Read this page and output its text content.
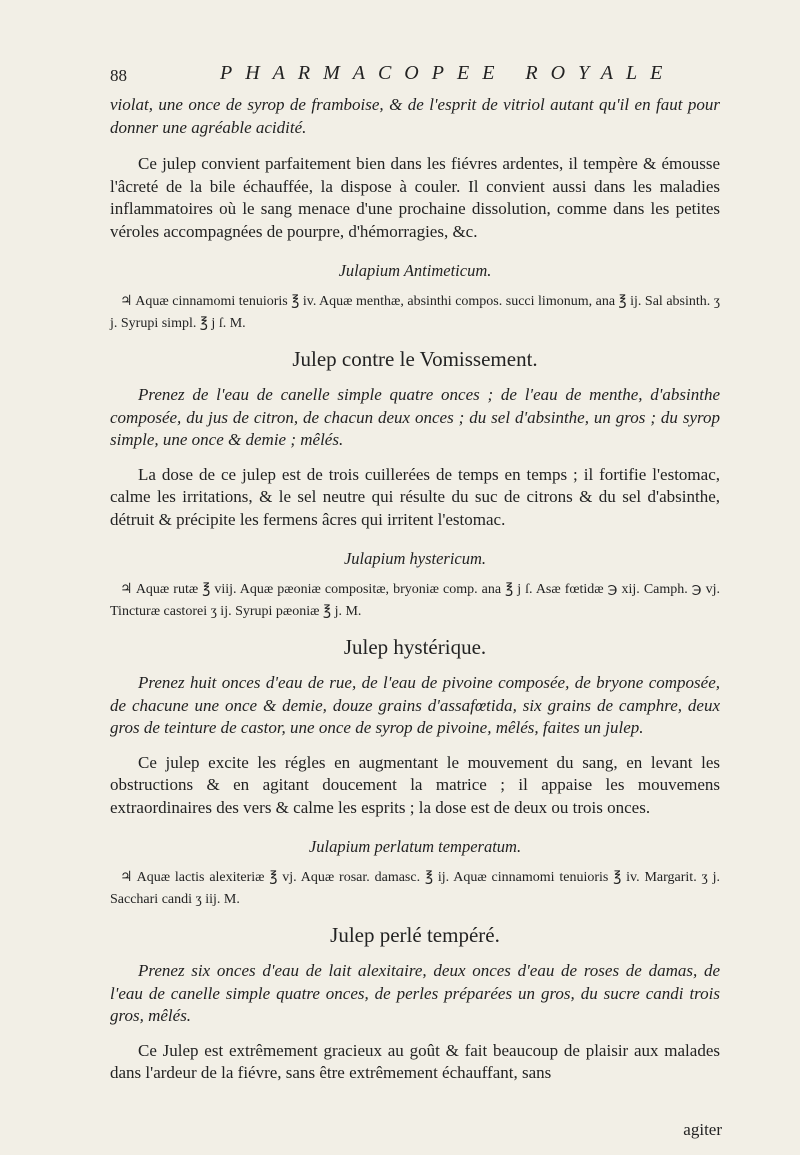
88	PHARMACOPEE ROYALE

violat, une once de syrop de framboise, & de l'esprit de vitriol autant qu'il en faut pour donner une agréable acidité.

Ce julep convient parfaitement bien dans les fiévres ardentes, il tempère & émousse l'âcreté de la bile échauffée, la dispose à couler. Il convient aussi dans les maladies inflammatoires où le sang menace d'une prochaine dissolution, comme dans les petites véroles accompagnées de pourpre, d'hémorragies, &c.

Julapium Antimeticum.

♃ Aquæ cinnamomi tenuioris ℥ iv. Aquæ menthæ, absinthi compos. succi limonum, ana ℥ ij. Sal absinth. ʒ j. Syrupi simpl. ℥ j ſ. M.

Julep contre le Vomissement.

Prenez de l'eau de canelle simple quatre onces ; de l'eau de menthe, d'absinthe composée, du jus de citron, de chacun deux onces ; du sel d'absinthe, un gros ; du syrop simple, une once & demie ; mêlés.

La dose de ce julep est de trois cuillerées de temps en temps ; il fortifie l'estomac, calme les irritations, & le sel neutre qui résulte du suc de citrons & du sel d'absinthe, détruit & précipite les fermens âcres qui irritent l'estomac.

Julapium hystericum.

♃ Aquæ rutæ ℥ viij. Aquæ pæoniæ compositæ, bryoniæ comp. ana ℥ j ſ. Asæ fœtidæ ℈ xij. Camph. ℈ vj. Tincturæ castorei ʒ ij. Syrupi pæoniæ ℥ j. M.

Julep hystérique.

Prenez huit onces d'eau de rue, de l'eau de pivoine composée, de bryone composée, de chacune une once & demie, douze grains d'assafœtida, six grains de camphre, deux gros de teinture de castor, une once de syrop de pivoine, mêlés, faites un julep.

Ce julep excite les régles en augmentant le mouvement du sang, en levant les obstructions & en agitant doucement la matrice ; il appaise les mouvemens extraordinaires des vers & calme les esprits ; la dose est de deux ou trois onces.

Julapium perlatum temperatum.

♃ Aquæ lactis alexiteriæ ℥ vj. Aquæ rosar. damasc. ℥ ij. Aquæ cinnamomi tenuioris ℥ iv. Margarit. ʒ j. Sacchari candi ʒ iij. M.

Julep perlé tempéré.

Prenez six onces d'eau de lait alexitaire, deux onces d'eau de roses de damas, de l'eau de canelle simple quatre onces, de perles préparées un gros, du sucre candi trois gros, mêlés.

Ce Julep est extrêmement gracieux au goût & fait beaucoup de plaisir aux malades dans l'ardeur de la fiévre, sans être extrêmement échauffant, sans

agiter
